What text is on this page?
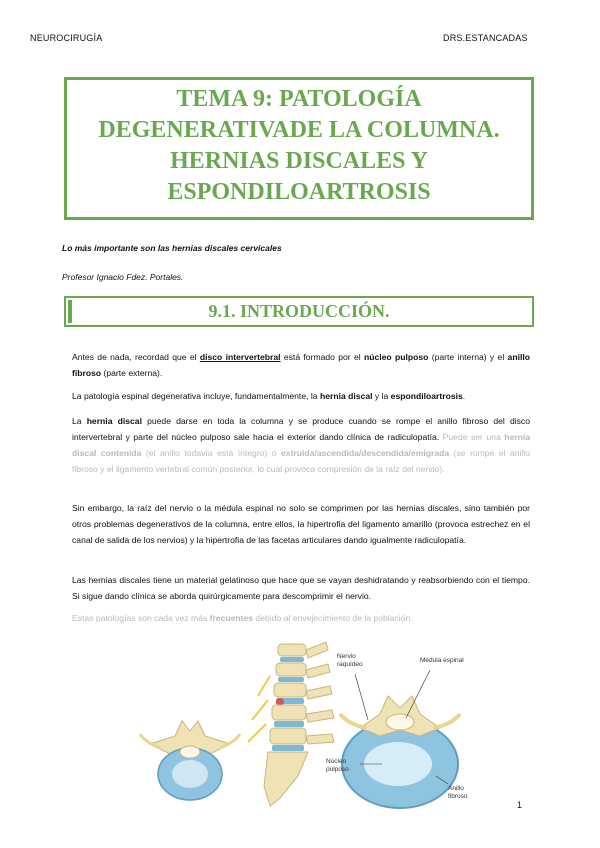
NEUROCIRUGÍA	DRS.ESTANCADAS
TEMA 9: PATOLOGÍA
DEGENERATIVADE LA COLUMNA.
HERNIAS DISCALES Y
ESPONDILOARTROSIS
Lo más importante son las hernias discales cervicales
Profesor Ignacio Fdez. Portales.
9.1. INTRODUCCIÓN.
Antes de nada, recordad que el disco intervertebral está formado por el núcleo pulposo (parte interna) y el anillo fibroso (parte externa).
La patología espinal degenerativa incluye, fundamentalmente, la hernia discal y la espondiloartrosis.
La hernia discal puede darse en toda la columna y se produce cuando se rompe el anillo fibroso del disco intervertebral y parte del núcleo pulposo sale hacia el exterior dando clínica de radiculopatía. Puede ser una hernia discal contenida (el anillo todavía está íntegro) o extruida/ascendida/descendida/emigrada (se rompe el anillo fibroso y el ligamento vertebral común posterior, lo cual provoca compresión de la raíz del nervio).
Sin embargo, la raíz del nervio o la médula espinal no solo se comprimen por las hernias discales, sino también por otros problemas degenerativos de la columna, entre ellos, la hipertrofia del ligamento amarillo (provoca estrechez en el canal de salida de los nervios) y la hipertrofia de las facetas articulares dando igualmente radiculopatía.
Las hernias discales tiene un material gelatinoso que hace que se vayan deshidratando y reabsorbiendo con el tiempo. Si sigue dando clínica se aborda quirúrgicamente para descomprimir el nervio.
Estas patologías son cada vez más frecuentes debido al envejecimiento de la población.
Nervio
raquídeo
Médula espinal
Núcleo
pulposo
Anillo
fibroso
1
